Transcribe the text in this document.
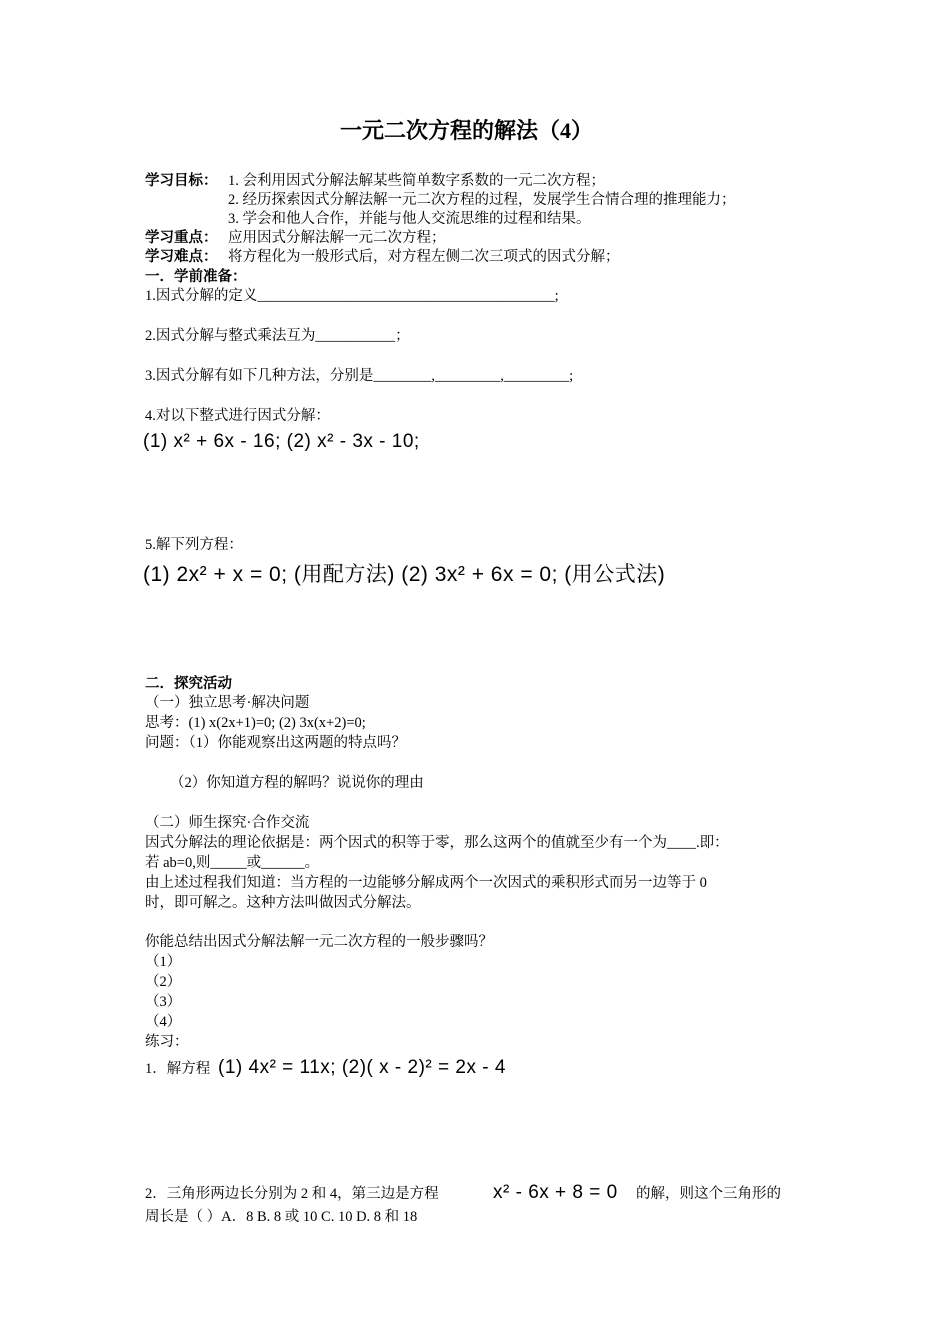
一元二次方程的解法（4）
学习目标： 1. 会利用因式分解法解某些简单数字系数的一元二次方程；
2. 经历探索因式分解法解一元二次方程的过程，发展学生合情合理的推理能力；
3. 学会和他人合作，并能与他人交流思维的过程和结果。
学习重点： 应用因式分解法解一元二次方程；
学习难点： 将方程化为一般形式后，对方程左侧二次三项式的因式分解；
一．学前准备：
1.因式分解的定义_________________________________________;
2.因式分解与整式乘法互为___________；
3.因式分解有如下几种方法，分别是________,_________,_________;
4.对以下整式进行因式分解：
(1) x² + 6x - 16; (2) x² - 3x - 10;
5.解下列方程：
(1) 2x² + x = 0; (用配方法) (2) 3x² + 6x = 0; (用公式法)
二．探究活动
（一）独立思考·解决问题
思考：(1) x(2x+1)=0; (2) 3x(x+2)=0;
问题：（1）你能观察出这两题的特点吗？
（2）你知道方程的解吗？说说你的理由
（二）师生探究·合作交流
因式分解法的理论依据是：两个因式的积等于零，那么这两个的值就至少有一个为____.即：
若 ab=0,则_____或______。
由上述过程我们知道：当方程的一边能够分解成两个一次因式的乘积形式而另一边等于 0
时，即可解之。这种方法叫做因式分解法。
你能总结出因式分解法解一元二次方程的一般步骤吗？
（1）
（2）
（3）
（4）
练习：
1．解方程 (1) 4x² = 11x; (2)( x - 2)² = 2x - 4
2．三角形两边长分别为 2 和 4，第三边是方程	x² - 6x + 8 = 0 的解，则这个三角形的
周长是（ ）A．8 B. 8 或 10 C. 10 D. 8 和 18
